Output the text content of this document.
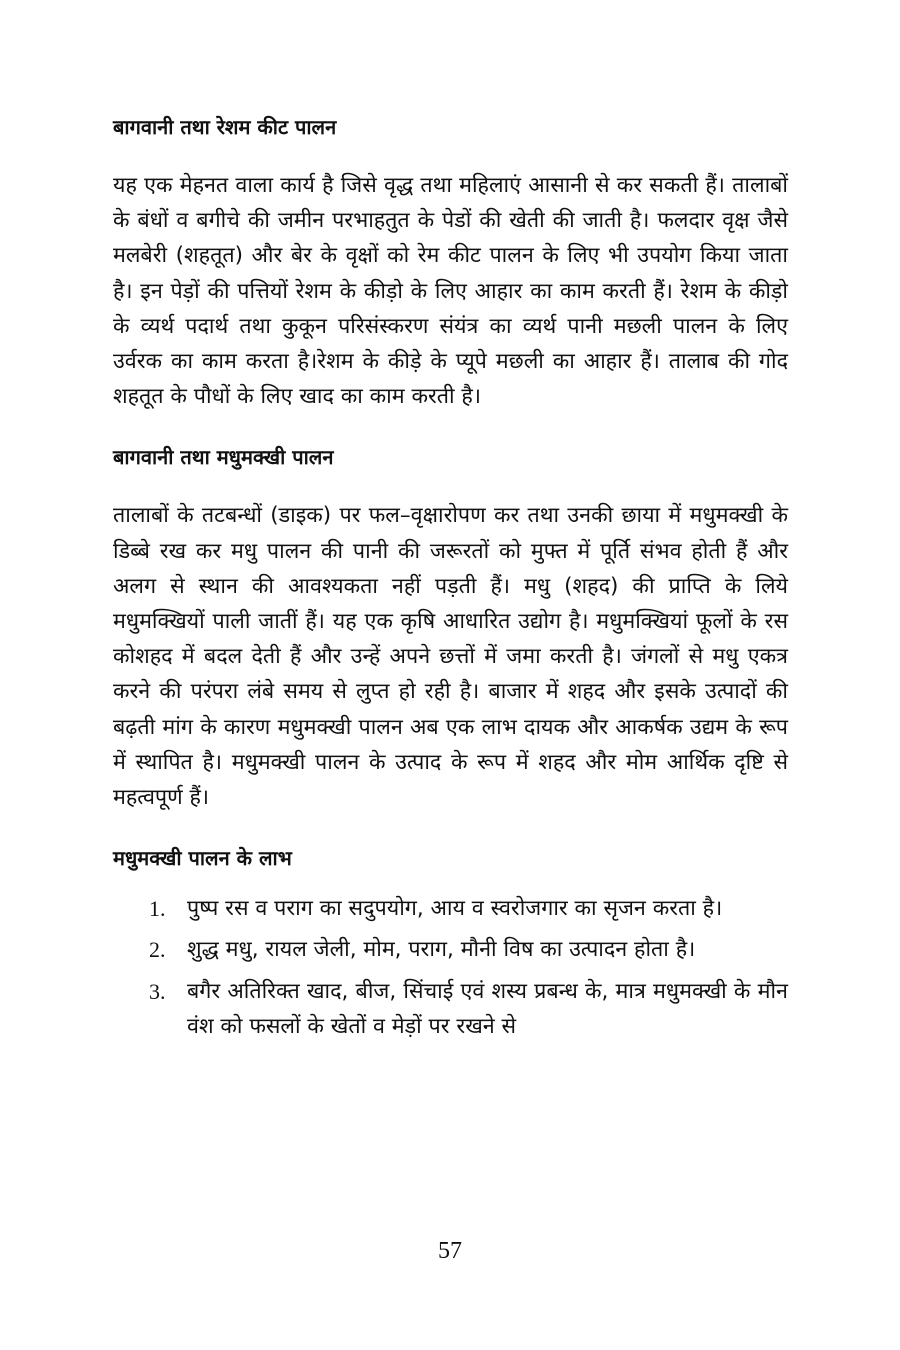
बागवानी तथा रेशम कीट पालन

यह एक मेहनत वाला कार्य है जिसे वृद्ध तथा महिलाएं आसानी से कर सकती हैं। तालाबों के बंधों व बगीचे की जमीन परभाहतुत के पेडों की खेती की जाती है। फलदार वृक्ष जैसे मलबेरी (शहतूत) और बेर के वृक्षों को रेम कीट पालन के लिए भी उपयोग किया जाता है। इन पेड़ों की पत्तियों रेशम के कीड़ो के लिए आहार का काम करती हैं। रेशम के कीड़ो के व्यर्थ पदार्थ तथा कुकून परिसंस्करण संयंत्र का व्यर्थ पानी मछली पालन के लिए उर्वरक का काम करता है।रेशम के कीड़े के प्यूपे मछली का आहार हैं। तालाब की गोद शहतूत के पौधों के लिए खाद का काम करती है।

बागवानी तथा मधुमक्खी पालन

तालाबों के तटबन्धों (डाइक) पर फल–वृक्षारोपण कर तथा उनकी छाया में मधुमक्खी के डिब्बे रख कर मधु पालन की पानी की जरूरतों को मुफ्त में पूर्ति संभव होती हैं और अलग से स्थान की आवश्यकता नहीं पड़ती हैं। मधु (शहद) की प्राप्ति के लिये मधुमक्खियों पाली जातीं हैं। यह एक कृषि आधारित उद्योग है। मधुमक्खियां फूलों के रस कोशहद में बदल देती हैं और उन्हें अपने छत्तों में जमा करती है। जंगलों से मधु एकत्र करने की परंपरा लंबे समय से लुप्त हो रही है। बाजार में शहद और इसके उत्पादों की बढ़ती मांग के कारण मधुमक्खी पालन अब एक लाभ दायक और आकर्षक उद्यम के रूप में स्थापित है। मधुमक्खी पालन के उत्पाद के रूप में शहद और मोम आर्थिक दृष्टि से महत्वपूर्ण हैं।

मधुमक्खी पालन के लाभ
1. पुष्प रस व पराग का सदुपयोग, आय व स्वरोजगार का सृजन करता है।
2. शुद्ध मधु, रायल जेली, मोम, पराग, मौनी विष का उत्पादन होता है।
3. बगैर अतिरिक्त खाद, बीज, सिंचाई एवं शस्य प्रबन्ध के, मात्र मधुमक्खी के मौन वंश को फसलों के खेतों व मेड़ों पर रखने से
57
